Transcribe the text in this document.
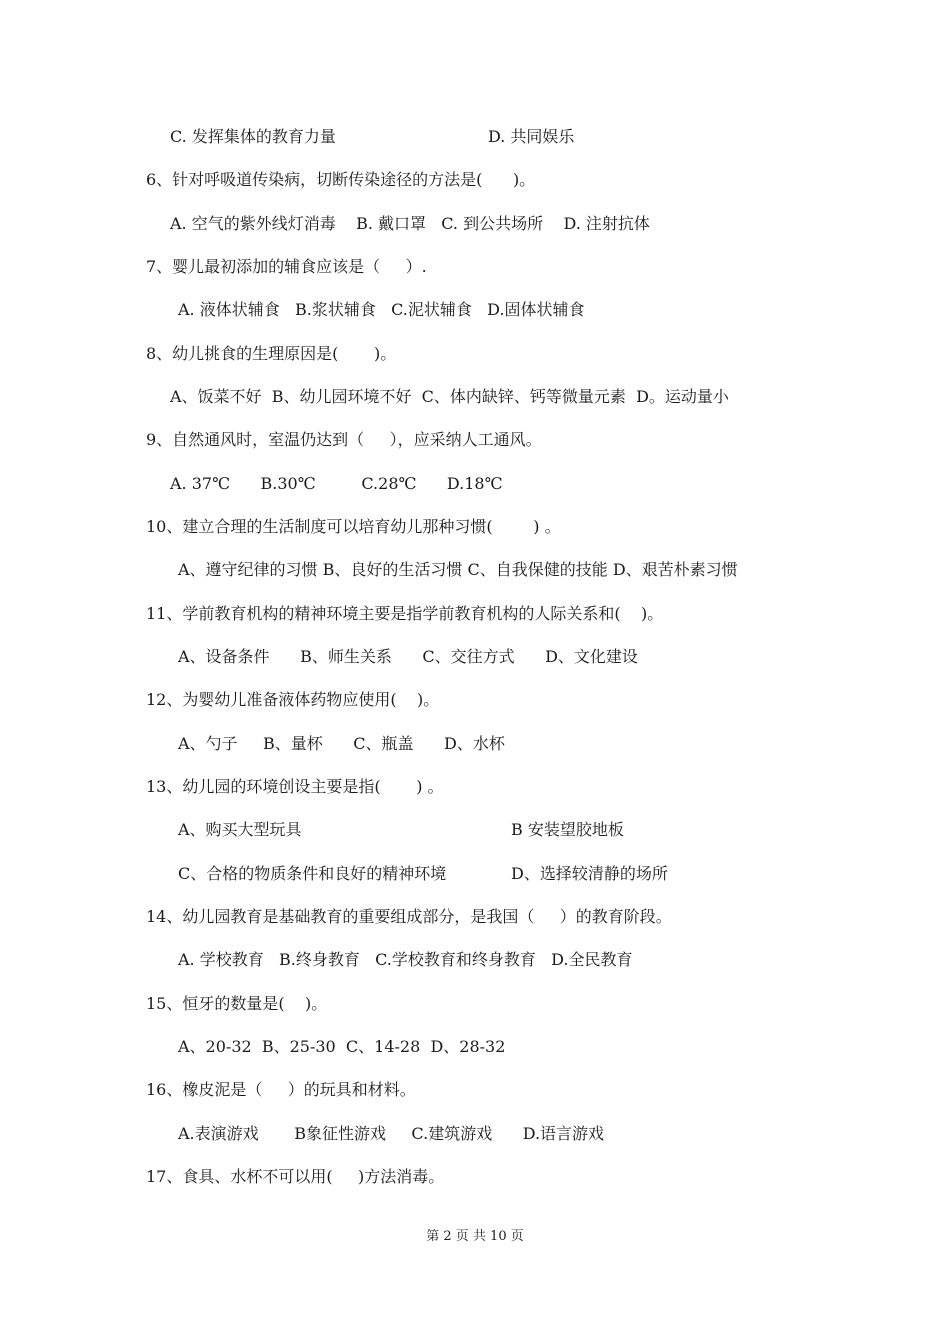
C. 发挥集体的教育力量	D. 共同娱乐
6、针对呼吸道传染病，切断传染途径的方法是(      )。
A. 空气的紫外线灯消毒    B. 戴口罩   C. 到公共场所    D. 注射抗体
7、婴儿最初添加的辅食应该是（     ）.
A. 液体状辅食   B.浆状辅食   C.泥状辅食   D.固体状辅食
8、幼儿挑食的生理原因是(       )。
A、饭菜不好  B、幼儿园环境不好  C、体内缺锌、钙等微量元素  D。运动量小
9、自然通风时，室温仍达到（     ），应采纳人工通风。
A. 37℃      B.30℃         C.28℃      D.18℃
10、建立合理的生活制度可以培育幼儿那种习惯(        ) 。
A、遵守纪律的习惯 B、良好的生活习惯 C、自我保健的技能 D、艰苦朴素习惯
11、学前教育机构的精神环境主要是指学前教育机构的人际关系和(    )。
A、设备条件      B、师生关系      C、交往方式      D、文化建设
12、为婴幼儿准备液体药物应使用(    )。
A、勺子     B、量杯      C、瓶盖      D、水杯
13、幼儿园的环境创设主要是指(       ) 。
A、购买大型玩具	B 安装望胶地板
C、合格的物质条件和良好的精神环境	D、选择较清静的场所
14、幼儿园教育是基础教育的重要组成部分，是我国（     ）的教育阶段。
A. 学校教育   B.终身教育   C.学校教育和终身教育   D.全民教育
15、恒牙的数量是(    )。
A、20-32  B、25-30  C、14-28  D、28-32
16、橡皮泥是（     ）的玩具和材料。
A.表演游戏       B象征性游戏     C.建筑游戏      D.语言游戏
17、食具、水杯不可以用(     )方法消毒。
第 2 页 共 10 页
